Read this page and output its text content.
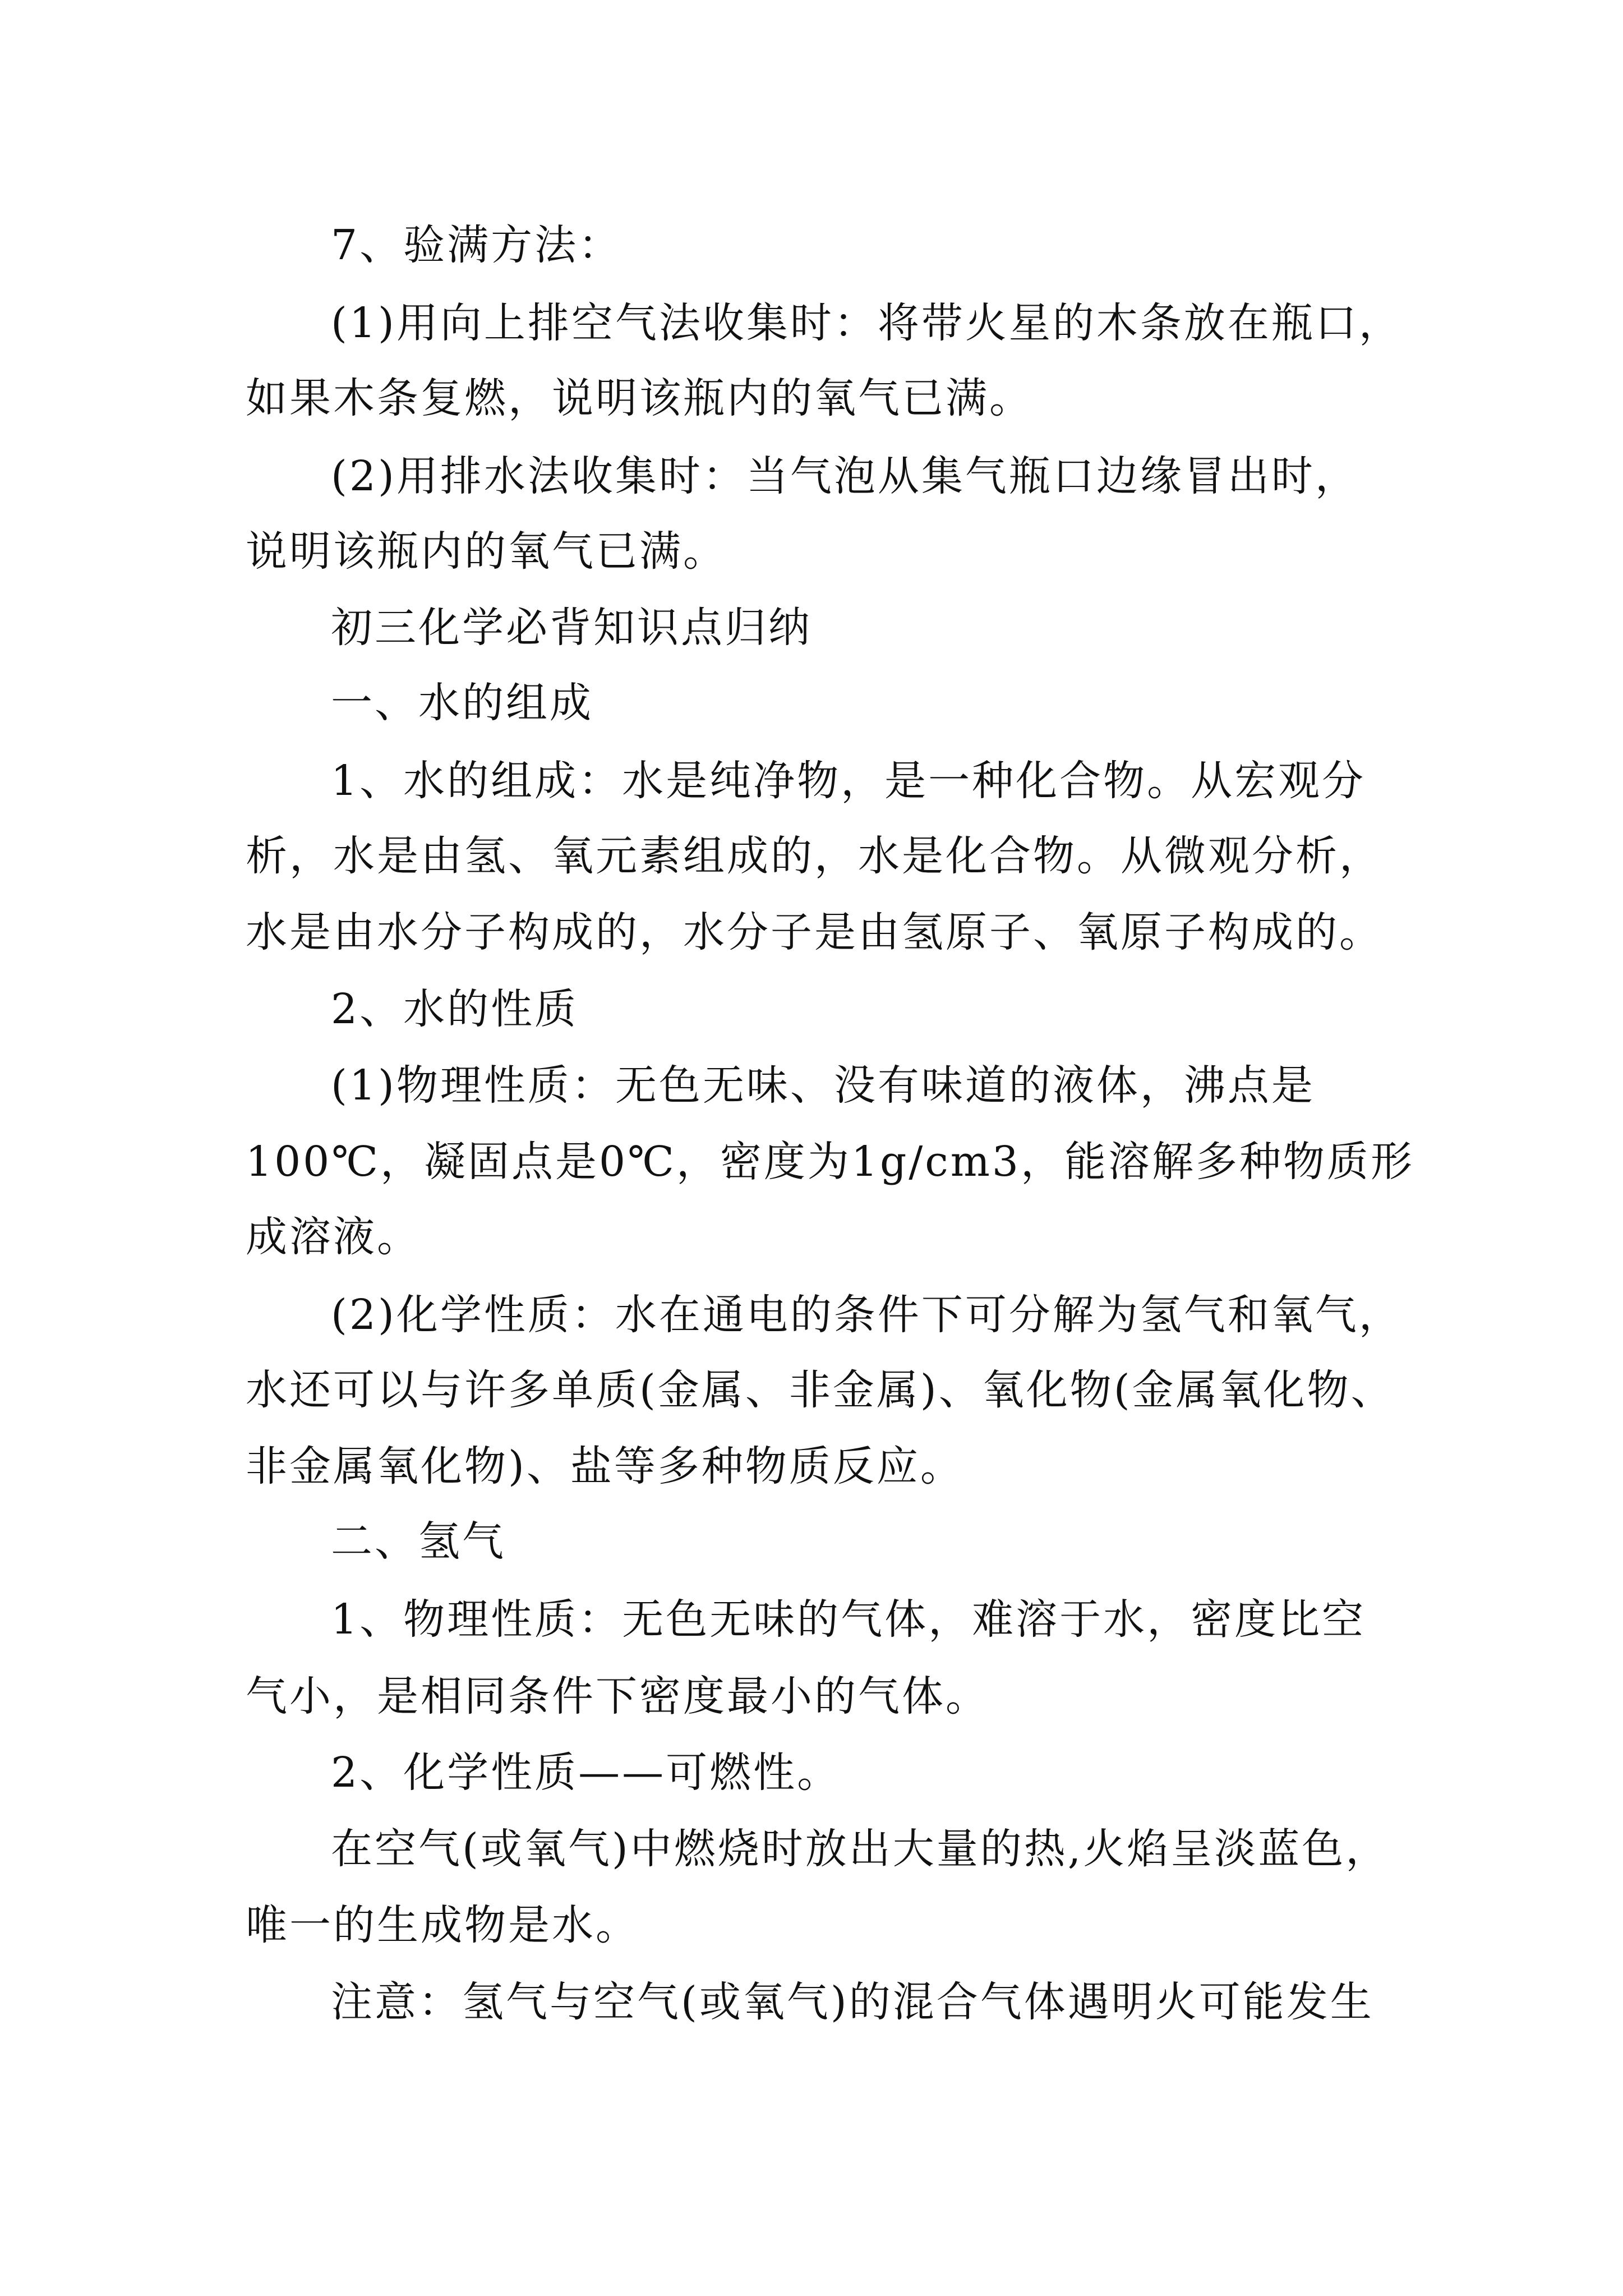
7、验满方法：
(1)用向上排空气法收集时：将带火星的木条放在瓶口，
如果木条复燃，说明该瓶内的氧气已满。
(2)用排水法收集时：当气泡从集气瓶口边缘冒出时，
说明该瓶内的氧气已满。
初三化学必背知识点归纳
一、水的组成
1、水的组成：水是纯净物，是一种化合物。从宏观分
析，水是由氢、氧元素组成的，水是化合物。从微观分析，
水是由水分子构成的，水分子是由氢原子、氧原子构成的。
2、水的性质
(1)物理性质：无色无味、没有味道的液体，沸点是
100℃，凝固点是0℃，密度为1g/cm3，能溶解多种物质形
成溶液。
(2)化学性质：水在通电的条件下可分解为氢气和氧气，
水还可以与许多单质(金属、非金属)、氧化物(金属氧化物、
非金属氧化物)、盐等多种物质反应。
二、氢气
1、物理性质：无色无味的气体，难溶于水，密度比空
气小，是相同条件下密度最小的气体。
2、化学性质——可燃性。
在空气(或氧气)中燃烧时放出大量的热,火焰呈淡蓝色，
唯一的生成物是水。
注意：氢气与空气(或氧气)的混合气体遇明火可能发生
